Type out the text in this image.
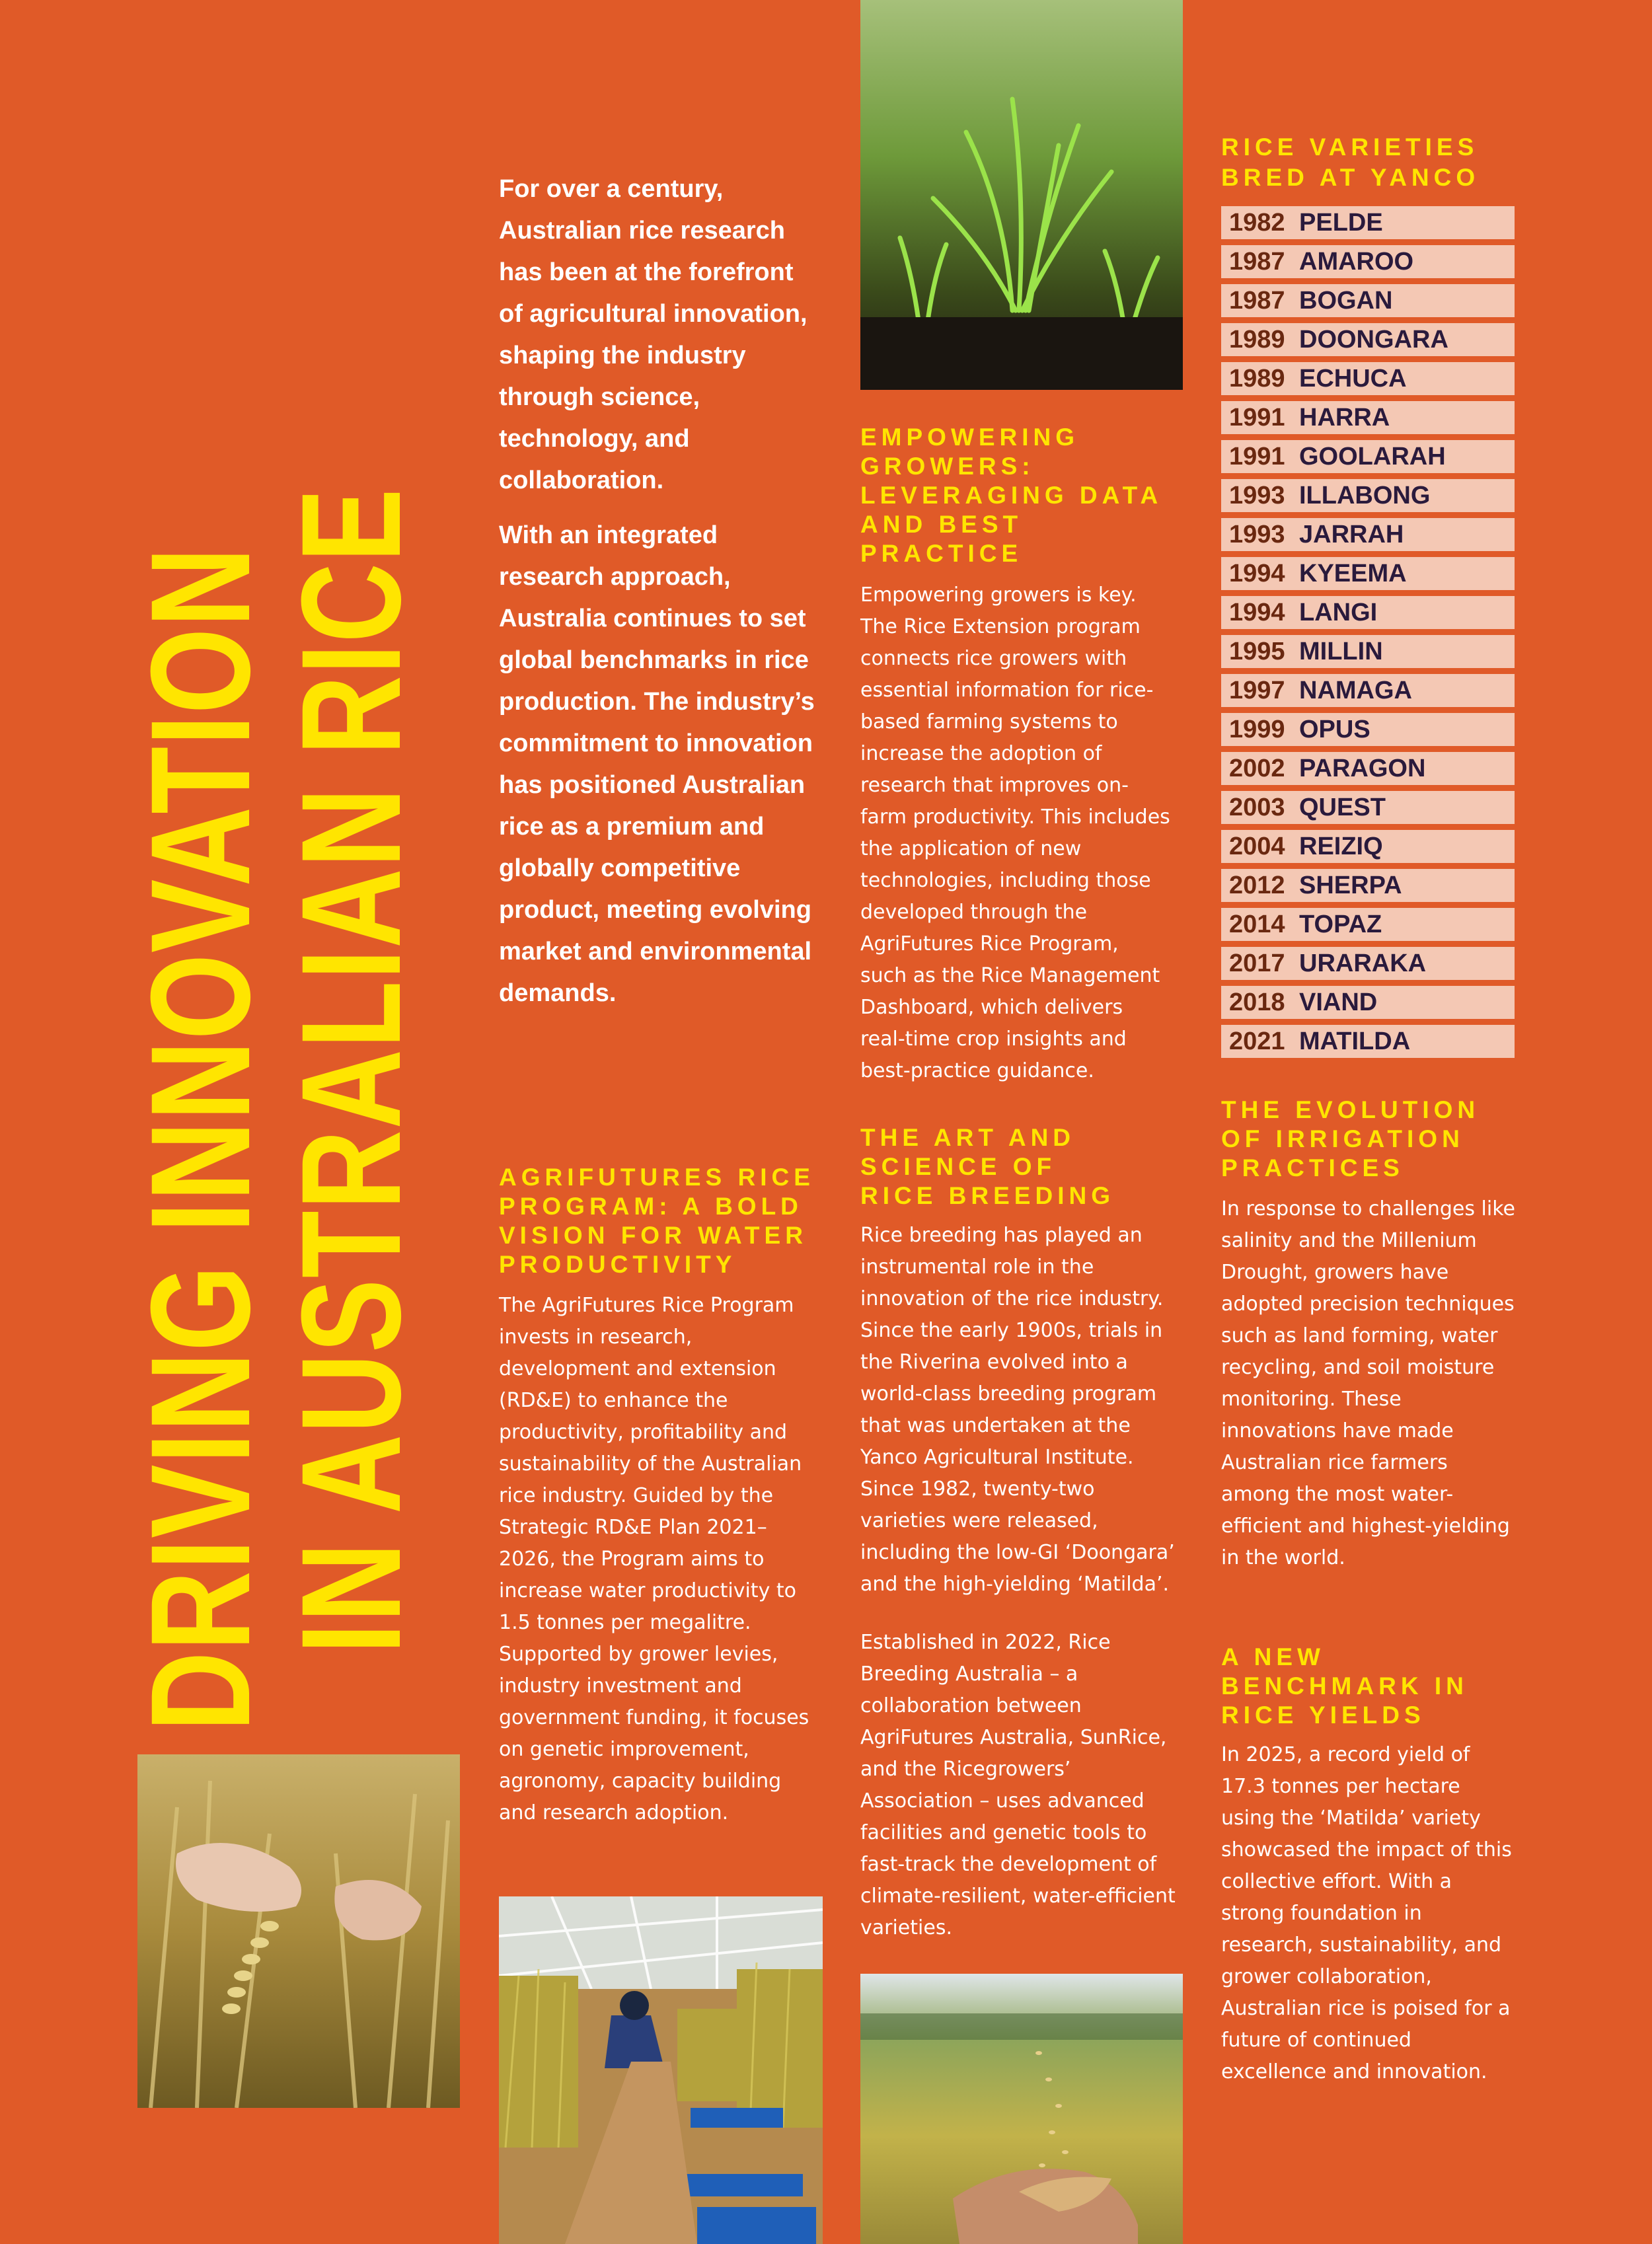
DRIVING INNOVATION
IN AUSTRALIAN RICE

For over a century, Australian rice research has been at the forefront of agricultural innovation, shaping the industry through science, technology, and collaboration.

With an integrated research approach, Australia continues to set global benchmarks in rice production. The industry’s commitment to innovation has positioned Australian rice as a premium and globally competitive product, meeting evolving market and environmental demands.

AGRIFUTURES RICE PROGRAM: A BOLD VISION FOR WATER PRODUCTIVITY

The AgriFutures Rice Program invests in research, development and extension (RD&E) to enhance the productivity, profitability and sustainability of the Australian rice industry. Guided by the Strategic RD&E Plan 2021–2026, the Program aims to increase water productivity to 1.5 tonnes per megalitre. Supported by grower levies, industry investment and government funding, it focuses on genetic improvement, agronomy, capacity building and research adoption.

EMPOWERING GROWERS: LEVERAGING DATA AND BEST PRACTICE

Empowering growers is key. The Rice Extension program connects rice growers with essential information for rice-based farming systems to increase the adoption of research that improves on-farm productivity. This includes the application of new technologies, including those developed through the AgriFutures Rice Program, such as the Rice Management Dashboard, which delivers real-time crop insights and best-practice guidance.

THE ART AND SCIENCE OF RICE BREEDING

Rice breeding has played an instrumental role in the innovation of the rice industry. Since the early 1900s, trials in the Riverina evolved into a world-class breeding program that was undertaken at the Yanco Agricultural Institute. Since 1982, twenty-two varieties were released, including the low-GI ‘Doongara’ and the high-yielding ‘Matilda’.

Established in 2022, Rice Breeding Australia – a collaboration between AgriFutures Australia, SunRice, and the Ricegrowers’ Association – uses advanced facilities and genetic tools to fast-track the development of climate-resilient, water-efficient varieties.

RICE VARIETIES BRED AT YANCO
1982 PELDE
1987 AMAROO
1987 BOGAN
1989 DOONGARA
1989 ECHUCA
1991 HARRA
1991 GOOLARAH
1993 ILLABONG
1993 JARRAH
1994 KYEEMA
1994 LANGI
1995 MILLIN
1997 NAMAGA
1999 OPUS
2002 PARAGON
2003 QUEST
2004 REIZIQ
2012 SHERPA
2014 TOPAZ
2017 URARAKA
2018 VIAND
2021 MATILDA
THE EVOLUTION OF IRRIGATION PRACTICES

In response to challenges like salinity and the Millenium Drought, growers have adopted precision techniques such as land forming, water recycling, and soil moisture monitoring. These innovations have made Australian rice farmers among the most water-efficient and highest-yielding in the world.

A NEW BENCHMARK IN RICE YIELDS

In 2025, a record yield of 17.3 tonnes per hectare using the ‘Matilda’ variety showcased the impact of this collective effort. With a strong foundation in research, sustainability, and grower collaboration, Australian rice is poised for a future of continued excellence and innovation.
